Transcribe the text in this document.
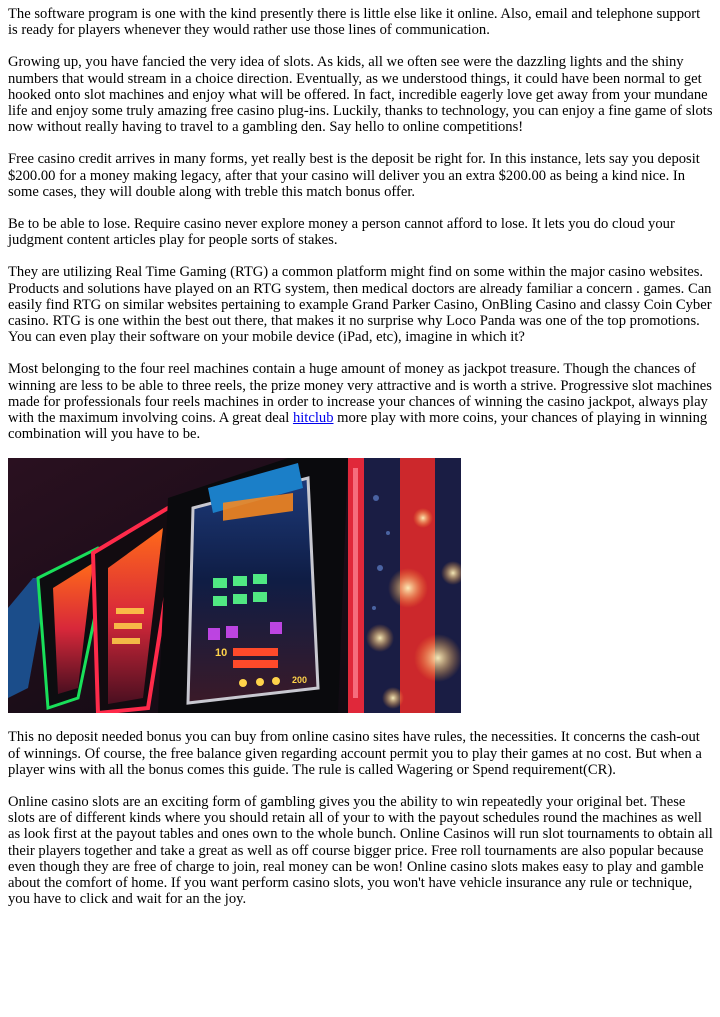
The software program is one with the kind presently there is little else like it online. Also, email and telephone support is ready for players whenever they would rather use those lines of communication.

Growing up, you have fancied the very idea of slots. As kids, all we often see were the dazzling lights and the shiny numbers that would stream in a choice direction. Eventually, as we understood things, it could have been normal to get hooked onto slot machines and enjoy what will be offered. In fact, incredible eagerly love get away from your mundane life and enjoy some truly amazing free casino plug-ins. Luckily, thanks to technology, you can enjoy a fine game of slots now without really having to travel to a gambling den. Say hello to online competitions!

Free casino credit arrives in many forms, yet really best is the deposit be right for. In this instance, lets say you deposit $200.00 for a money making legacy, after that your casino will deliver you an extra $200.00 as being a kind nice. In some cases, they will double along with treble this match bonus offer.

Be to be able to lose. Require casino never explore money a person cannot afford to lose. It lets you do cloud your judgment content articles play for people sorts of stakes.

They are utilizing Real Time Gaming (RTG) a common platform might find on some within the major casino websites. Products and solutions have played on an RTG system, then medical doctors are already familiar a concern . games. Can easily find RTG on similar websites pertaining to example Grand Parker Casino, OnBling Casino and classy Coin Cyber casino. RTG is one within the best out there, that makes it no surprise why Loco Panda was one of the top promotions. You can even play their software on your mobile device (iPad, etc), imagine in which it?

Most belonging to the four reel machines contain a huge amount of money as jackpot treasure. Though the chances of winning are less to be able to three reels, the prize money very attractive and is worth a strive. Progressive slot machines made for professionals four reels machines in order to increase your chances of winning the casino jackpot, always play with the maximum involving coins. A great deal hitclub more play with more coins, your chances of playing in winning combination will you have to be.

10
200

This no deposit needed bonus you can buy from online casino sites have rules, the necessities. It concerns the cash-out of winnings. Of course, the free balance given regarding account permit you to play their games at no cost. But when a player wins with all the bonus comes this guide. The rule is called Wagering or Spend requirement(CR).

Online casino slots are an exciting form of gambling gives you the ability to win repeatedly your original bet. These slots are of different kinds where you should retain all of your to with the payout schedules round the machines as well as look first at the payout tables and ones own to the whole bunch. Online Casinos will run slot tournaments to obtain all their players together and take a great as well as off course bigger price. Free roll tournaments are also popular because even though they are free of charge to join, real money can be won! Online casino slots makes easy to play and gamble about the comfort of home. If you want perform casino slots, you won't have vehicle insurance any rule or technique, you have to click and wait for an the joy.
